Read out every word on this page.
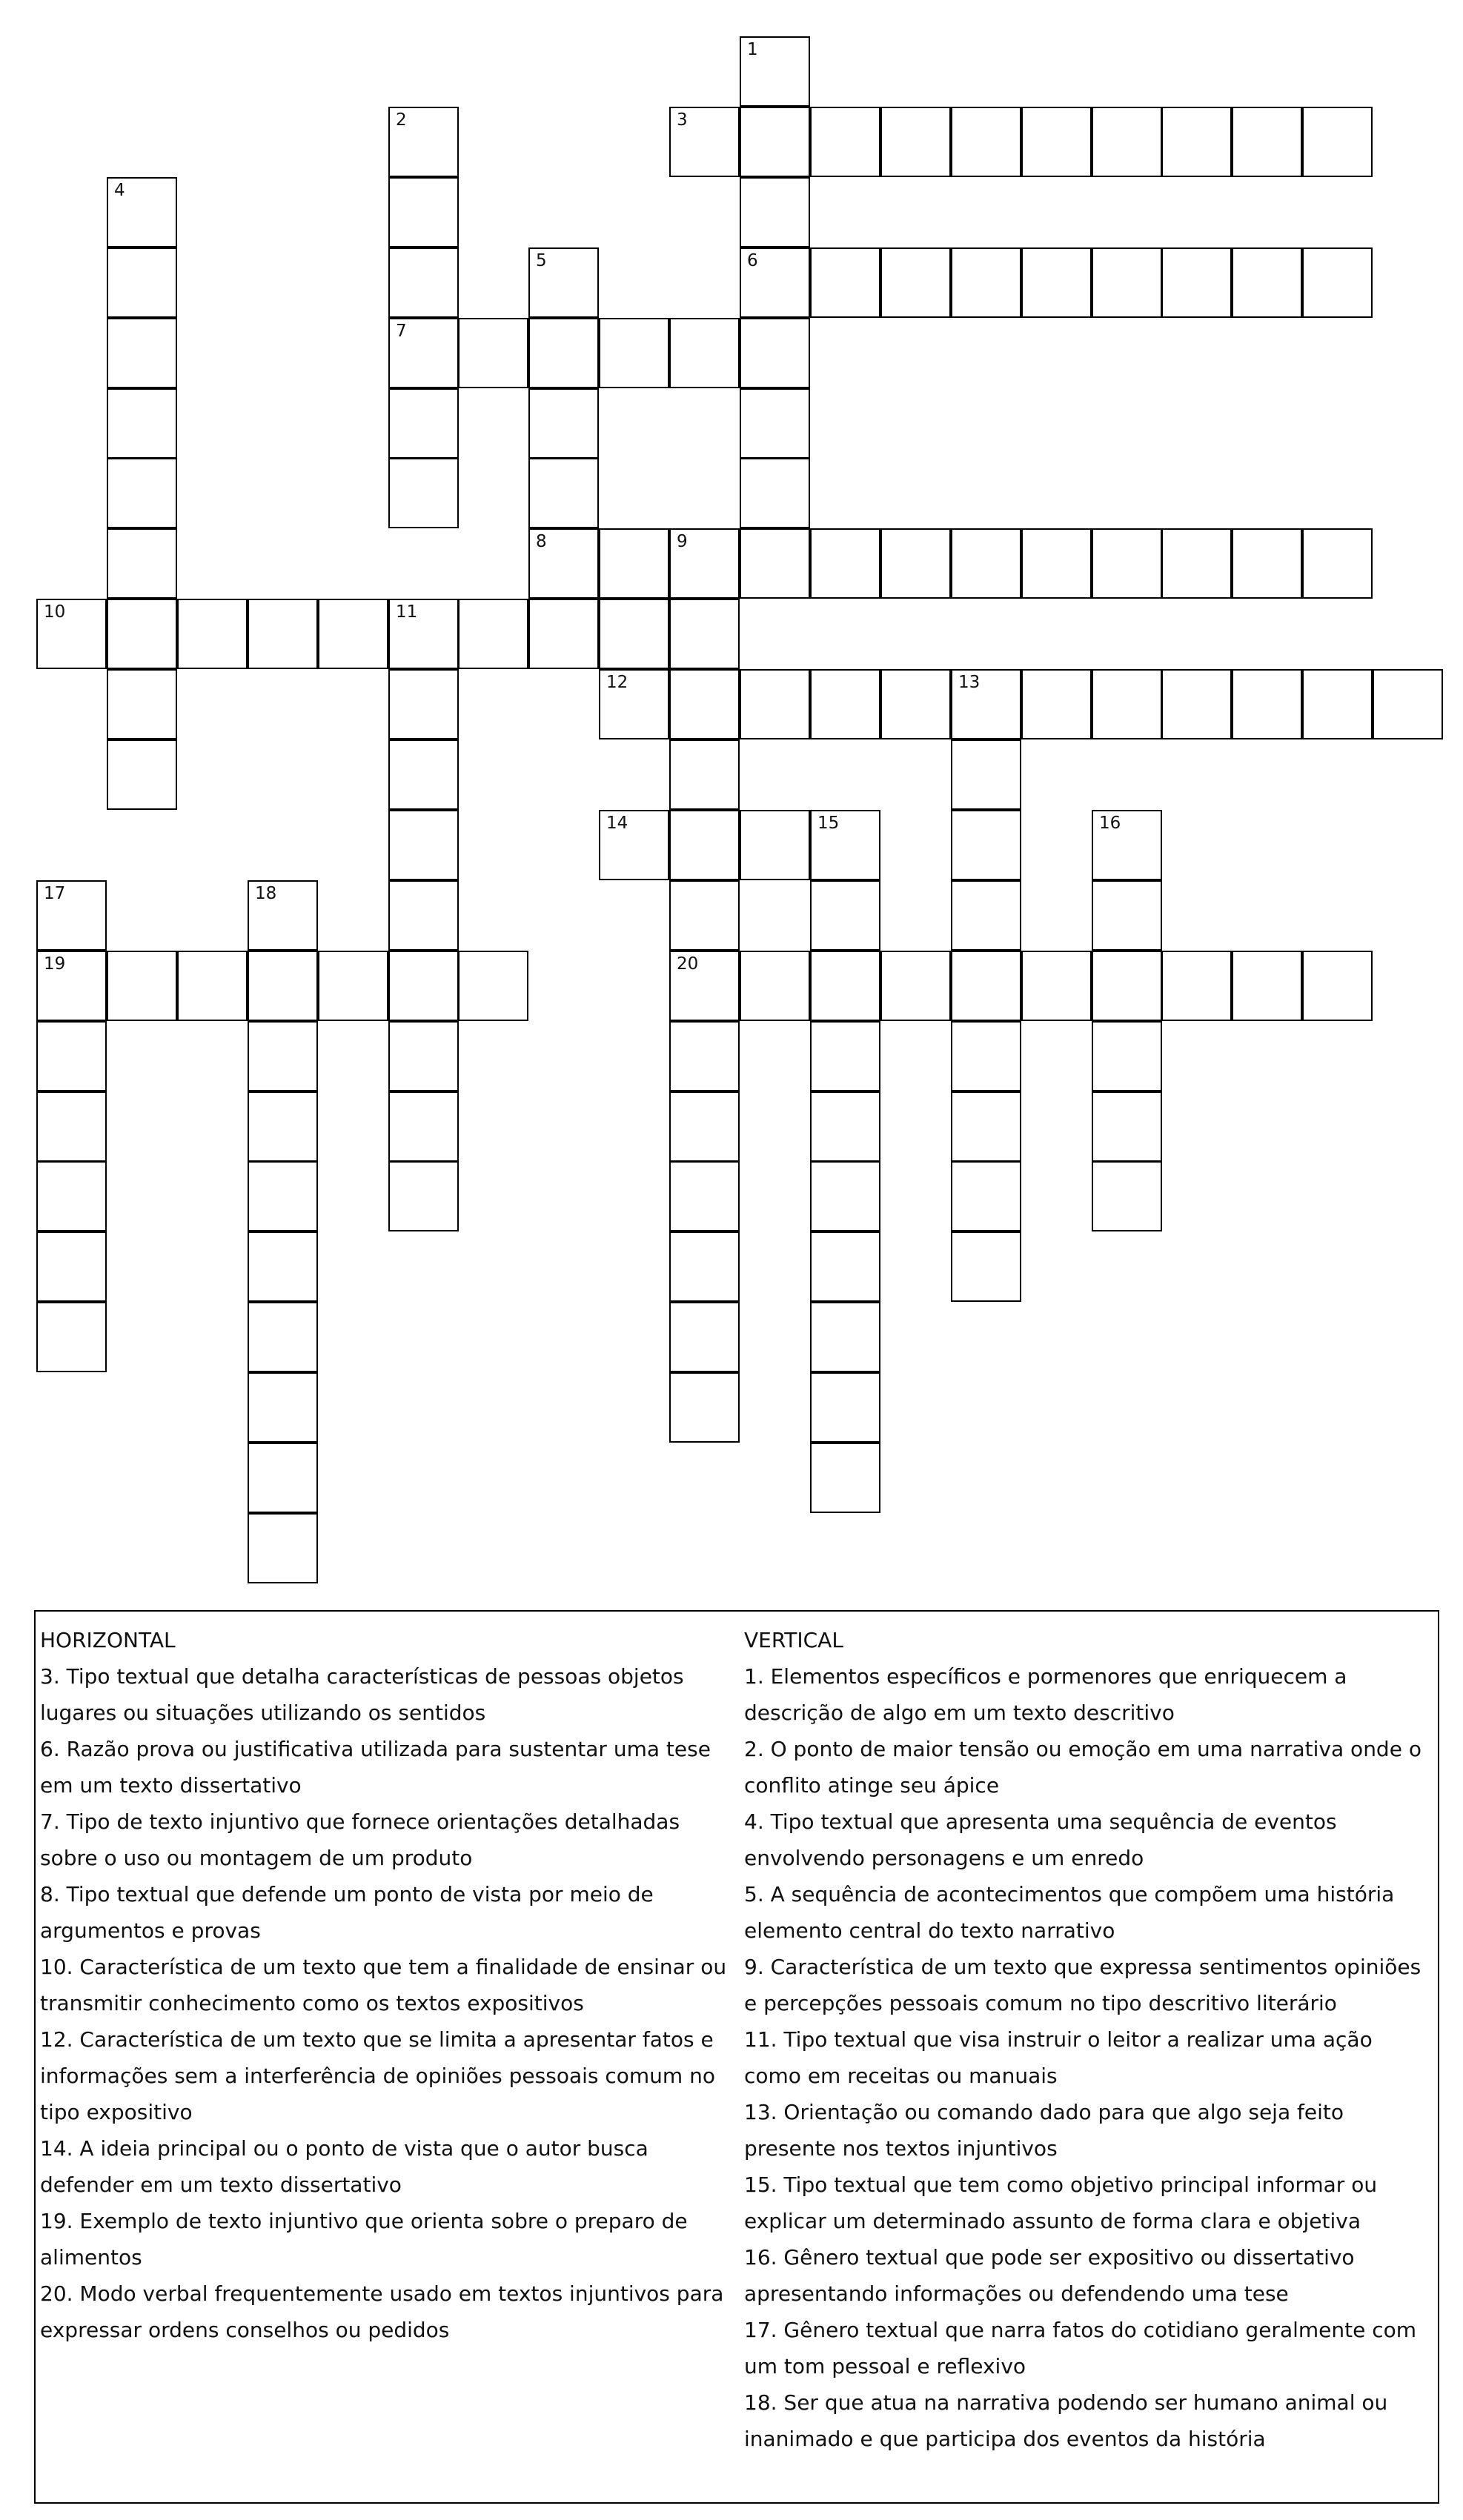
1
6
2
7
3
4
5
8	9
20
10	11
12	13
14	15	16
17
19
18
HORIZONTAL
3. Tipo textual que detalha características de pessoas objetos lugares ou situações utilizando os sentidos
6. Razão prova ou justificativa utilizada para sustentar uma tese em um texto dissertativo
7. Tipo de texto injuntivo que fornece orientações detalhadas sobre o uso ou montagem de um produto
8. Tipo textual que defende um ponto de vista por meio de argumentos e provas
10. Característica de um texto que tem a finalidade de ensinar ou transmitir conhecimento como os textos expositivos
12. Característica de um texto que se limita a apresentar fatos e informações sem a interferência de opiniões pessoais comum no tipo expositivo
14. A ideia principal ou o ponto de vista que o autor busca defender em um texto dissertativo
19. Exemplo de texto injuntivo que orienta sobre o preparo de alimentos
20. Modo verbal frequentemente usado em textos injuntivos para expressar ordens conselhos ou pedidos
VERTICAL
1. Elementos específicos e pormenores que enriquecem a descrição de algo em um texto descritivo
2. O ponto de maior tensão ou emoção em uma narrativa onde o conflito atinge seu ápice
4. Tipo textual que apresenta uma sequência de eventos envolvendo personagens e um enredo
5. A sequência de acontecimentos que compõem uma história elemento central do texto narrativo
9. Característica de um texto que expressa sentimentos opiniões e percepções pessoais comum no tipo descritivo literário
11. Tipo textual que visa instruir o leitor a realizar uma ação como em receitas ou manuais
13. Orientação ou comando dado para que algo seja feito presente nos textos injuntivos
15. Tipo textual que tem como objetivo principal informar ou explicar um determinado assunto de forma clara e objetiva
16. Gênero textual que pode ser expositivo ou dissertativo apresentando informações ou defendendo uma tese
17. Gênero textual que narra fatos do cotidiano geralmente com um tom pessoal e reflexivo
18. Ser que atua na narrativa podendo ser humano animal ou inanimado e que participa dos eventos da história
